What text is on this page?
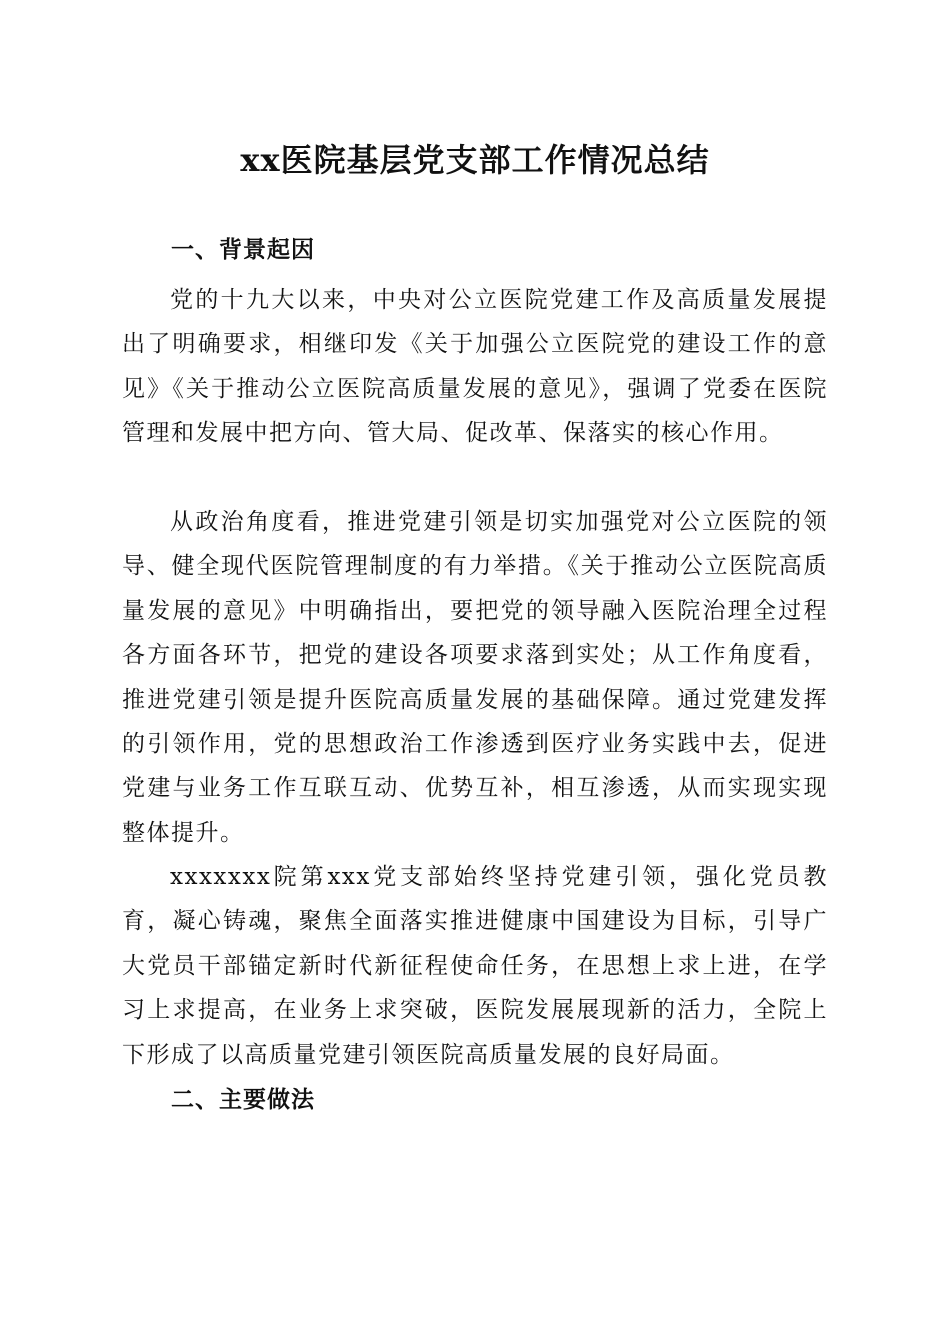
xx医院基层党支部工作情况总结
一、背景起因

党的十九大以来，中央对公立医院党建工作及高质量发展提出了明确要求，相继印发《关于加强公立医院党的建设工作的意见》《关于推动公立医院高质量发展的意见》，强调了党委在医院管理和发展中把方向、管大局、促改革、保落实的核心作用。

从政治角度看，推进党建引领是切实加强党对公立医院的领导、健全现代医院管理制度的有力举措。《关于推动公立医院高质量发展的意见》中明确指出，要把党的领导融入医院治理全过程各方面各环节，把党的建设各项要求落到实处；从工作角度看，推进党建引领是提升医院高质量发展的基础保障。通过党建发挥的引领作用，党的思想政治工作渗透到医疗业务实践中去，促进党建与业务工作互联互动、优势互补，相互渗透，从而实现实现整体提升。

xxxxxxx院第xxx党支部始终坚持党建引领，强化党员教育，凝心铸魂，聚焦全面落实推进健康中国建设为目标，引导广大党员干部锚定新时代新征程使命任务，在思想上求上进，在学习上求提高，在业务上求突破，医院发展展现新的活力，全院上下形成了以高质量党建引领医院高质量发展的良好局面。

二、主要做法
